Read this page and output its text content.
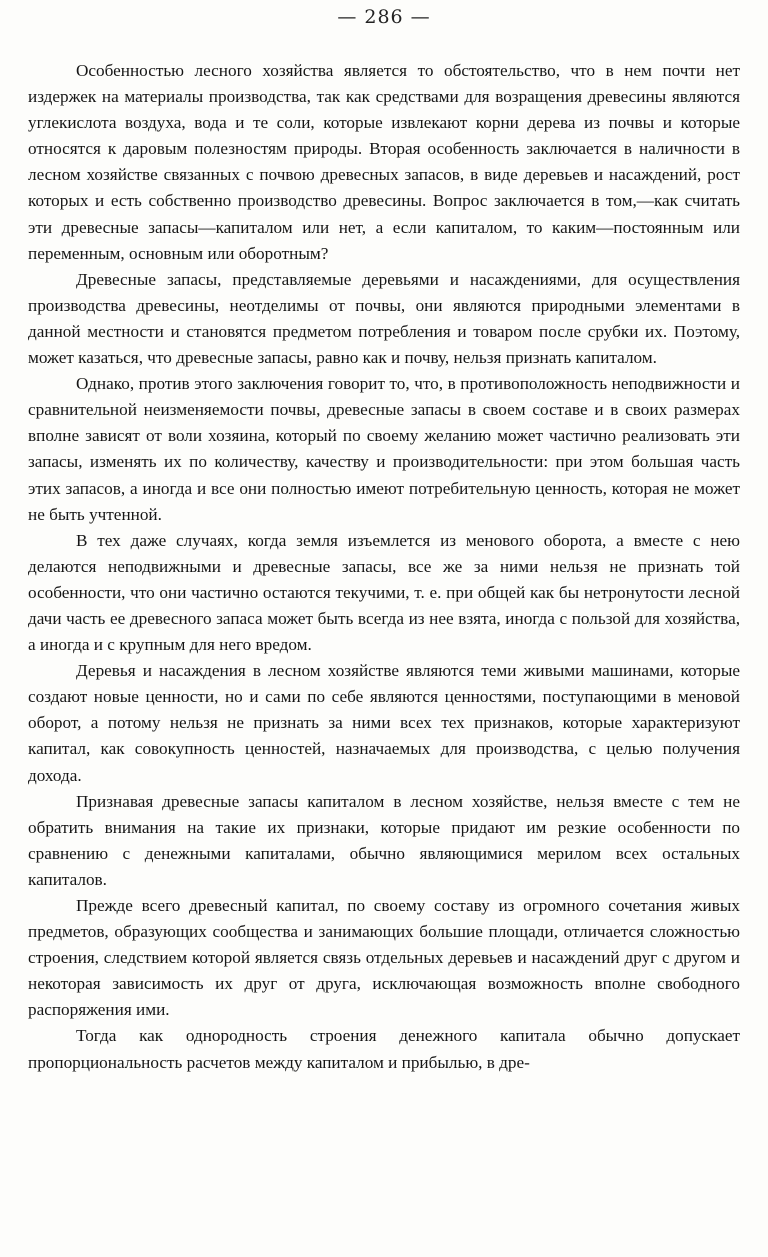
— 286 —

Особенностью лесного хозяйства является то обстоятельство, что в нем почти нет издержек на материалы производства, так как средствами для возращения древесины являются углекислота воздуха, вода и те соли, которые извлекают корни дерева из почвы и которые относятся к даровым полезностям природы. Вторая особенность заключается в наличности в лесном хозяйстве связанных с почвою древесных запасов, в виде деревьев и насаждений, рост которых и есть собственно производство древесины. Вопрос заключается в том,—как считать эти древесные запасы—капиталом или нет, а если капиталом, то каким—постоянным или переменным, основным или оборотным?

Древесные запасы, представляемые деревьями и насаждениями, для осуществления производства древесины, неотделимы от почвы, они являются природными элементами в данной местности и становятся предметом потребления и товаром после срубки их. Поэтому, может казаться, что древесные запасы, равно как и почву, нельзя признать капиталом.

Однако, против этого заключения говорит то, что, в противоположность неподвижности и сравнительной неизменяемости почвы, древесные запасы в своем составе и в своих размерах вполне зависят от воли хозяина, который по своему желанию может частично реализовать эти запасы, изменять их по количеству, качеству и производительности: при этом большая часть этих запасов, а иногда и все они полностью имеют потребительную ценность, которая не может не быть учтенной.

В тех даже случаях, когда земля изъемлется из менового оборота, а вместе с нею делаются неподвижными и древесные запасы, все же за ними нельзя не признать той особенности, что они частично остаются текучими, т. е. при общей как бы нетронутости лесной дачи часть ее древесного запаса может быть всегда из нее взята, иногда с пользой для хозяйства, а иногда и с крупным для него вредом.

Деревья и насаждения в лесном хозяйстве являются теми живыми машинами, которые создают новые ценности, но и сами по себе являются ценностями, поступающими в меновой оборот, а потому нельзя не признать за ними всех тех признаков, которые характеризуют капитал, как совокупность ценностей, назначаемых для производства, с целью получения дохода.

Признавая древесные запасы капиталом в лесном хозяйстве, нельзя вместе с тем не обратить внимания на такие их признаки, которые придают им резкие особенности по сравнению с денежными капиталами, обычно являющимися мерилом всех остальных капиталов.

Прежде всего древесный капитал, по своему составу из огромного сочетания живых предметов, образующих сообщества и занимающих большие площади, отличается сложностью строения, следствием которой является связь отдельных деревьев и насаждений друг с другом и некоторая зависимость их друг от друга, исключающая возможность вполне свободного распоряжения ими.

Тогда как однородность строения денежного капитала обычно допускает пропорциональность расчетов между капиталом и прибылью, в дре-
